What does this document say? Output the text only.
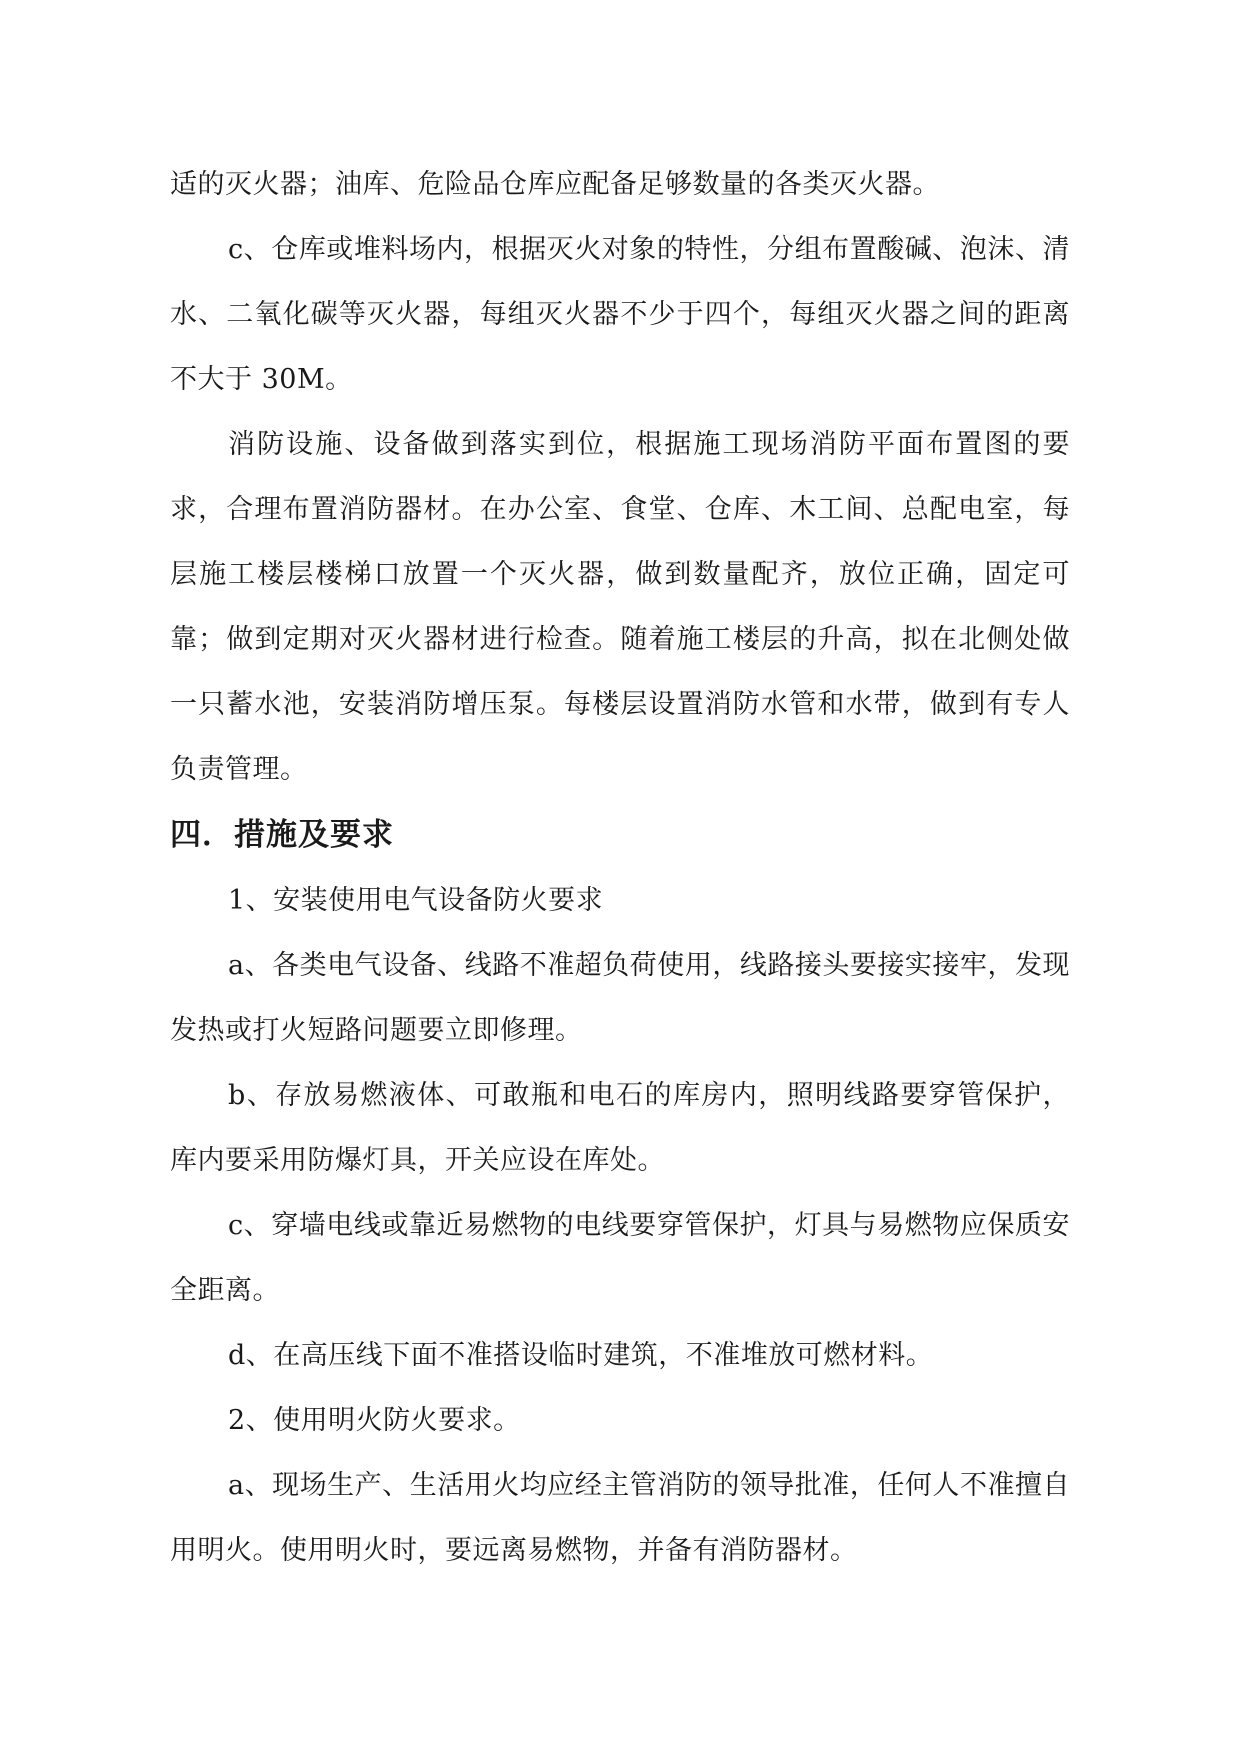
适的灭火器；油库、危险品仓库应配备足够数量的各类灭火器。

c、仓库或堆料场内，根据灭火对象的特性，分组布置酸碱、泡沫、清水、二氧化碳等灭火器，每组灭火器不少于四个，每组灭火器之间的距离不大于 30M。

消防设施、设备做到落实到位，根据施工现场消防平面布置图的要求，合理布置消防器材。在办公室、食堂、仓库、木工间、总配电室，每层施工楼层楼梯口放置一个灭火器，做到数量配齐，放位正确，固定可靠；做到定期对灭火器材进行检查。随着施工楼层的升高，拟在北侧处做一只蓄水池，安装消防增压泵。每楼层设置消防水管和水带，做到有专人负责管理。

四．措施及要求

1、安装使用电气设备防火要求

a、各类电气设备、线路不准超负荷使用，线路接头要接实接牢，发现发热或打火短路问题要立即修理。

b、存放易燃液体、可敢瓶和电石的库房内，照明线路要穿管保护，库内要采用防爆灯具，开关应设在库处。

c、穿墙电线或靠近易燃物的电线要穿管保护，灯具与易燃物应保质安全距离。

d、在高压线下面不准搭设临时建筑，不准堆放可燃材料。

2、使用明火防火要求。

a、现场生产、生活用火均应经主管消防的领导批准，任何人不准擅自用明火。使用明火时，要远离易燃物，并备有消防器材。
